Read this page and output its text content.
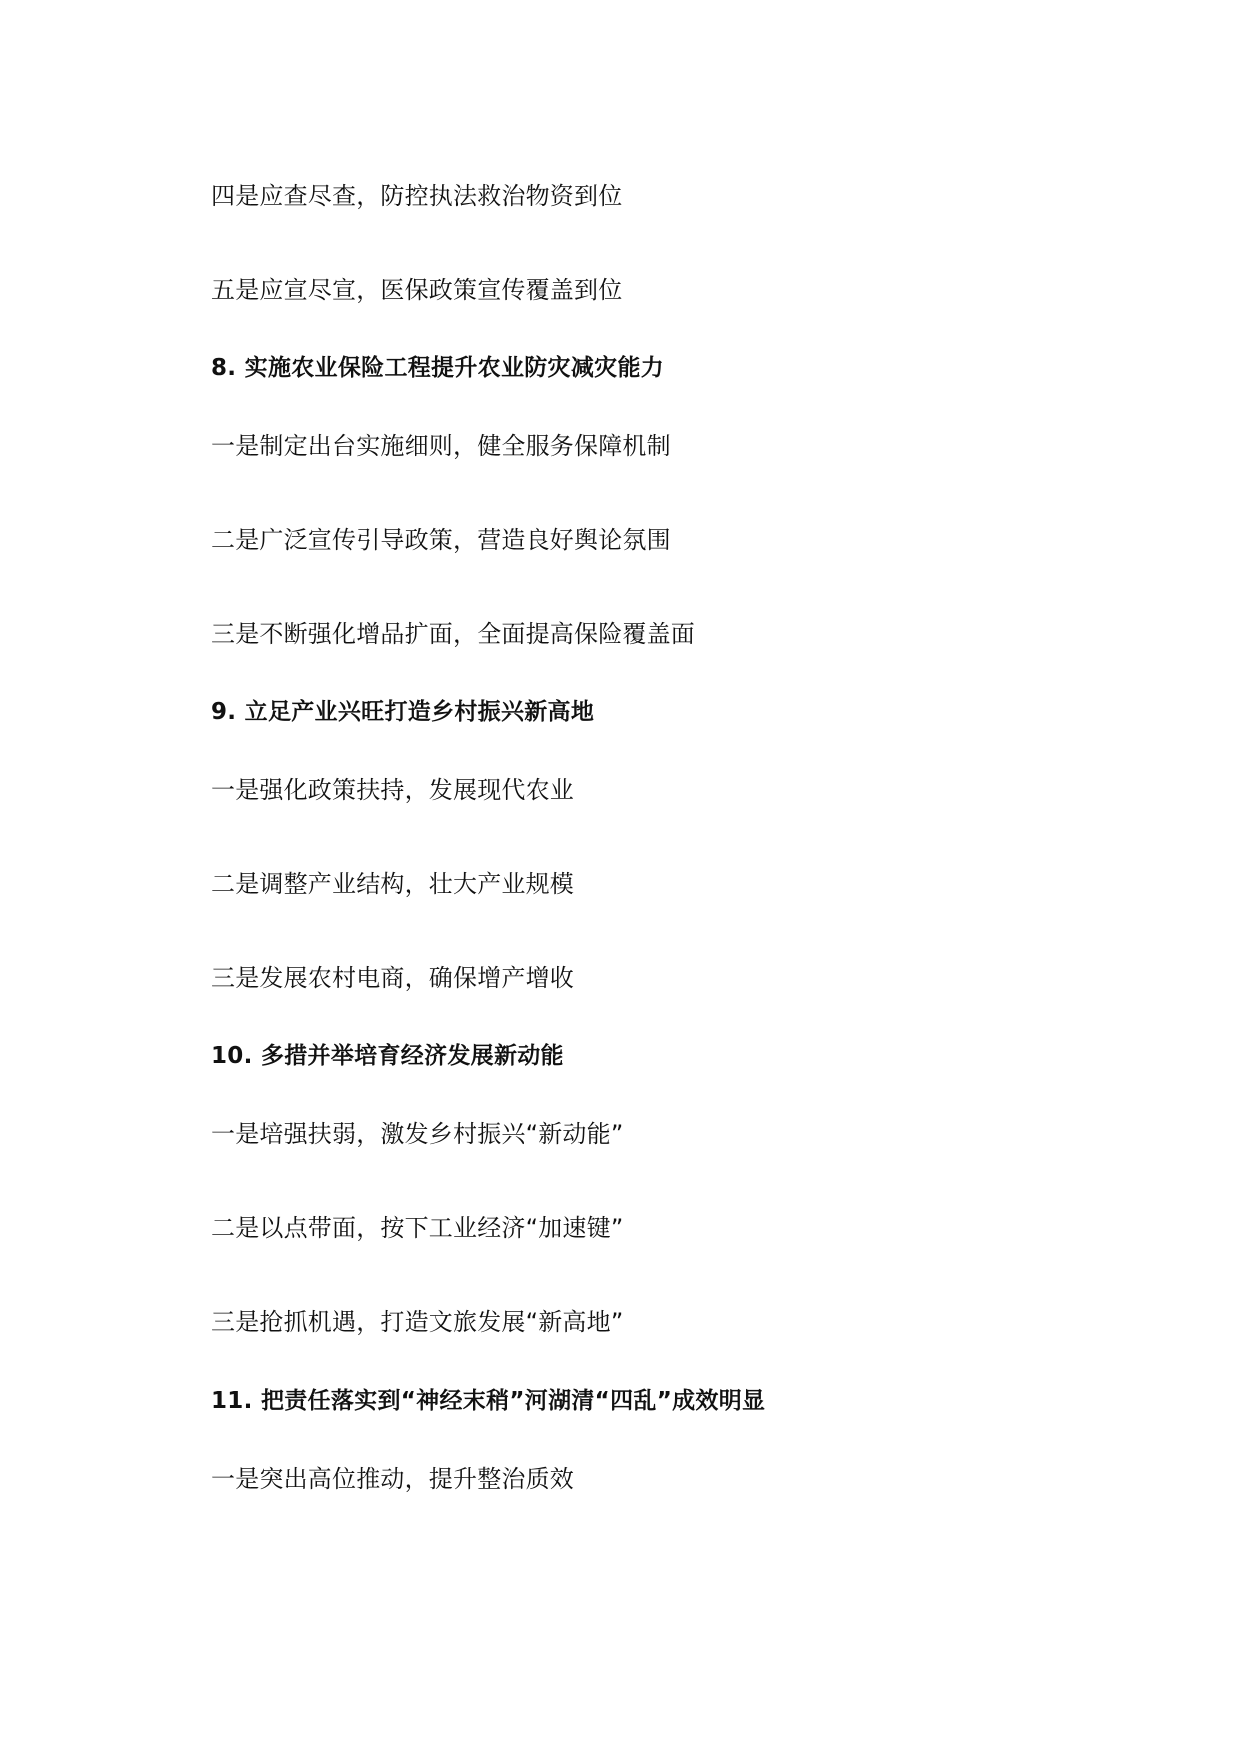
四是应查尽查，防控执法救治物资到位
五是应宣尽宣，医保政策宣传覆盖到位
8. 实施农业保险工程提升农业防灾减灾能力
一是制定出台实施细则，健全服务保障机制
二是广泛宣传引导政策，营造良好舆论氛围
三是不断强化增品扩面，全面提高保险覆盖面
9. 立足产业兴旺打造乡村振兴新高地
一是强化政策扶持，发展现代农业
二是调整产业结构，壮大产业规模
三是发展农村电商，确保增产增收
10. 多措并举培育经济发展新动能
一是培强扶弱，激发乡村振兴“新动能”
二是以点带面，按下工业经济“加速键”
三是抢抓机遇，打造文旅发展“新高地”
11. 把责任落实到“神经末稍”河湖清“四乱”成效明显
一是突出高位推动，提升整治质效
